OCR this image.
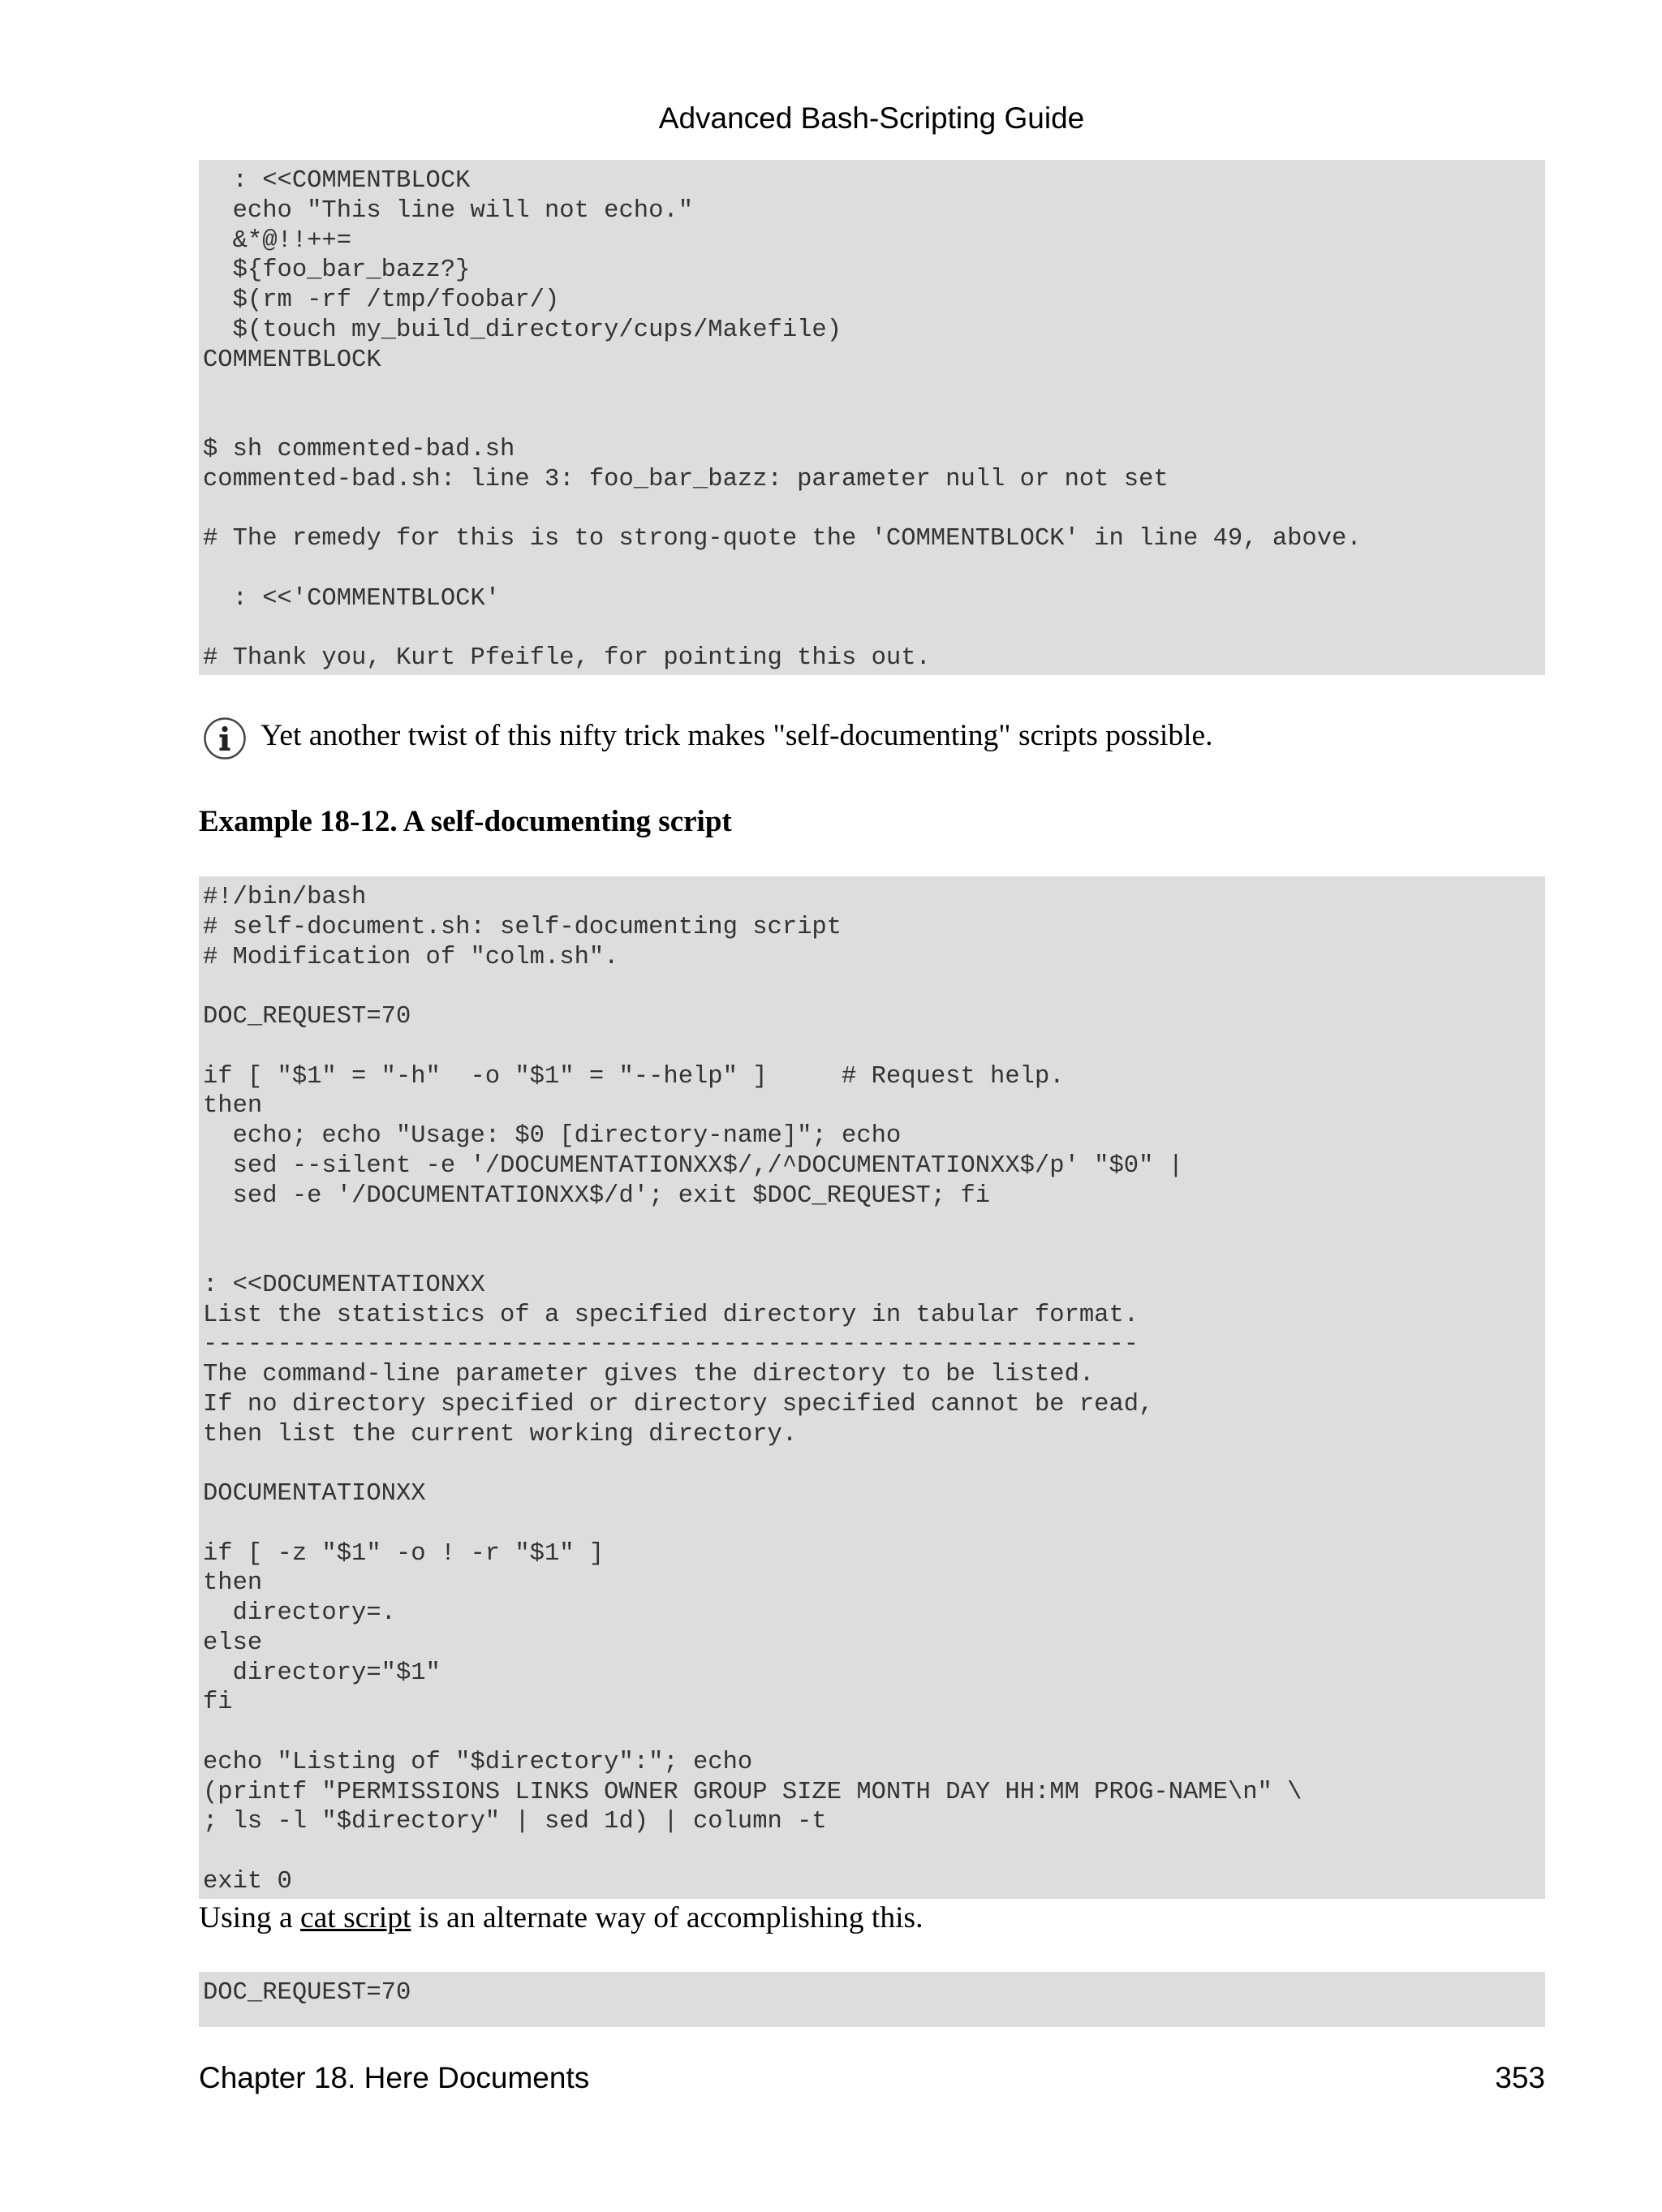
Advanced Bash-Scripting Guide
: <<COMMENTBLOCK
echo "This line will not echo."
&*@!!++=
${foo_bar_bazz?}
$(rm -rf /tmp/foobar/)
$(touch my_build_directory/cups/Makefile)
COMMENTBLOCK

$ sh commented-bad.sh
commented-bad.sh: line 3: foo_bar_bazz: parameter null or not set

# The remedy for this is to strong-quote the 'COMMENTBLOCK' in line 49, above.

: <<'COMMENTBLOCK'

# Thank you, Kurt Pfeifle, for pointing this out.
Yet another twist of this nifty trick makes "self-documenting" scripts possible.
Example 18-12. A self-documenting script
#!/bin/bash
# self-document.sh: self-documenting script
# Modification of "colm.sh".

DOC_REQUEST=70

if [ "$1" = "-h"  -o "$1" = "--help" ]     # Request help.
then
echo; echo "Usage: $0 [directory-name]"; echo
sed --silent -e '/DOCUMENTATIONXX$/,/^DOCUMENTATIONXX$/p' "$0" |
sed -e '/DOCUMENTATIONXX$/d'; exit $DOC_REQUEST; fi

: <<DOCUMENTATIONXX
List the statistics of a specified directory in tabular format.
---------------------------------------------------------------
The command-line parameter gives the directory to be listed.
If no directory specified or directory specified cannot be read,
then list the current working directory.

DOCUMENTATIONXX

if [ -z "$1" -o ! -r "$1" ]
then
directory=.
else
directory="$1"
fi

echo "Listing of "$directory":"; echo
(printf "PERMISSIONS LINKS OWNER GROUP SIZE MONTH DAY HH:MM PROG-NAME\n" \
; ls -l "$directory" | sed 1d) | column -t

exit 0
Using a cat script is an alternate way of accomplishing this.
DOC_REQUEST=70
Chapter 18. Here Documents	353
